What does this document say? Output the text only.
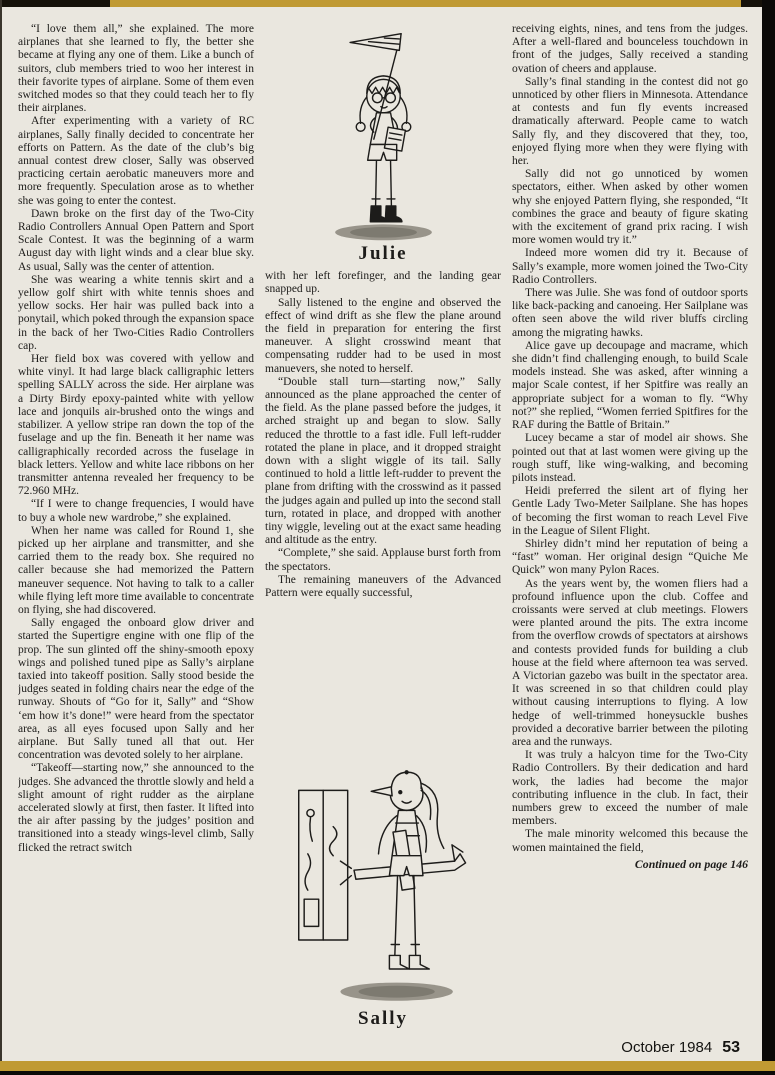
“I love them all,” she explained. The more airplanes that she learned to fly, the better she became at flying any one of them. Like a bunch of suitors, club members tried to woo her interest in their favorite types of airplane. Some of them even switched modes so that they could teach her to fly their airplanes.

After experimenting with a variety of RC airplanes, Sally finally decided to concentrate her efforts on Pattern. As the date of the club’s big annual contest drew closer, Sally was observed practicing certain aerobatic maneuvers more and more frequently. Speculation arose as to whether she was going to enter the contest.

Dawn broke on the first day of the Two-City Radio Controllers Annual Open Pattern and Sport Scale Contest. It was the beginning of a warm August day with light winds and a clear blue sky. As usual, Sally was the center of attention.

She was wearing a white tennis skirt and a yellow golf shirt with white tennis shoes and yellow socks. Her hair was pulled back into a ponytail, which poked through the expansion space in the back of her Two-Cities Radio Controllers cap.

Her field box was covered with yellow and white vinyl. It had large black calligraphic letters spelling SALLY across the side. Her airplane was a Dirty Birdy epoxy-painted white with yellow lace and jonquils air-brushed onto the wings and stabilizer. A yellow stripe ran down the top of the fuselage and up the fin. Beneath it her name was calligraphically recorded across the fuselage in black letters. Yellow and white lace ribbons on her transmitter antenna revealed her frequency to be 72.960 MHz.

“If I were to change frequencies, I would have to buy a whole new wardrobe,” she explained.

When her name was called for Round 1, she picked up her airplane and transmitter, and she carried them to the ready box. She required no caller because she had memorized the Pattern maneuver sequence. Not having to talk to a caller while flying left more time available to concentrate on flying, she had discovered.

Sally engaged the onboard glow driver and started the Supertigre engine with one flip of the prop. The sun glinted off the shiny-smooth epoxy wings and polished tuned pipe as Sally’s airplane taxied into takeoff position. Sally stood beside the judges seated in folding chairs near the edge of the runway. Shouts of “Go for it, Sally” and “Show ‘em how it’s done!” were heard from the spectator area, as all eyes focused upon Sally and her airplane. But Sally tuned all that out. Her concentration was devoted solely to her airplane.

“Takeoff—starting now,” she announced to the judges. She advanced the throttle slowly and held a slight amount of right rudder as the airplane accelerated slowly at first, then faster. It lifted into the air after passing by the judges’ position and transitioned into a steady wings-level climb, Sally flicked the retract switch

Julie

with her left forefinger, and the landing gear snapped up.

Sally listened to the engine and observed the effect of wind drift as she flew the plane around the field in preparation for entering the first maneuver. A slight crosswind meant that compensating rudder had to be used in most manuevers, she noted to herself.

“Double stall turn—starting now,” Sally announced as the plane approached the center of the field. As the plane passed before the judges, it arched straight up and began to slow. Sally reduced the throttle to a fast idle. Full left-rudder rotated the plane in place, and it dropped straight down with a slight wiggle of its tail. Sally continued to hold a little left-rudder to prevent the plane from drifting with the crosswind as it passed the judges again and pulled up into the second stall turn, rotated in place, and dropped with another tiny wiggle, leveling out at the exact same heading and altitude as the entry.

“Complete,” she said. Applause burst forth from the spectators.

The remaining maneuvers of the Advanced Pattern were equally successful,

Sally

receiving eights, nines, and tens from the judges. After a well-flared and bounceless touchdown in front of the judges, Sally received a standing ovation of cheers and applause.

Sally’s final standing in the contest did not go unnoticed by other fliers in Minnesota. Attendance at contests and fun fly events increased dramatically afterward. People came to watch Sally fly, and they discovered that they, too, enjoyed flying more when they were flying with her.

Sally did not go unnoticed by women spectators, either. When asked by other women why she enjoyed Pattern flying, she responded, “It combines the grace and beauty of figure skating with the excitement of grand prix racing. I wish more women would try it.”

Indeed more women did try it. Because of Sally’s example, more women joined the Two-City Radio Controllers.

There was Julie. She was fond of outdoor sports like back-packing and canoeing. Her Sailplane was often seen above the wild river bluffs circling among the migrating hawks.

Alice gave up decoupage and macrame, which she didn’t find challenging enough, to build Scale models instead. She was asked, after winning a major Scale contest, if her Spitfire was really an appropriate subject for a woman to fly. “Why not?” she replied, “Women ferried Spitfires for the RAF during the Battle of Britain.”

Lucey became a star of model air shows. She pointed out that at last women were giving up the rough stuff, like wing-walking, and becoming pilots instead.

Heidi preferred the silent art of flying her Gentle Lady Two-Meter Sailplane. She has hopes of becoming the first woman to reach Level Five in the League of Silent Flight.

Shirley didn’t mind her reputation of being a “fast” woman. Her original design “Quiche Me Quick” won many Pylon Races.

As the years went by, the women fliers had a profound influence upon the club. Coffee and croissants were served at club meetings. Flowers were planted around the pits. The extra income from the overflow crowds of spectators at airshows and contests provided funds for building a club house at the field where afternoon tea was served. A Victorian gazebo was built in the spectator area. It was screened in so that children could play without causing interruptions to flying. A low hedge of well-trimmed honeysuckle bushes provided a decorative barrier between the piloting area and the runways.

It was truly a halcyon time for the Two-City Radio Controllers. By their dedication and hard work, the ladies had become the major contributing influence in the club. In fact, their numbers grew to exceed the number of male members.

The male minority welcomed this because the women maintained the field,

Continued on page 146
October 1984 53
